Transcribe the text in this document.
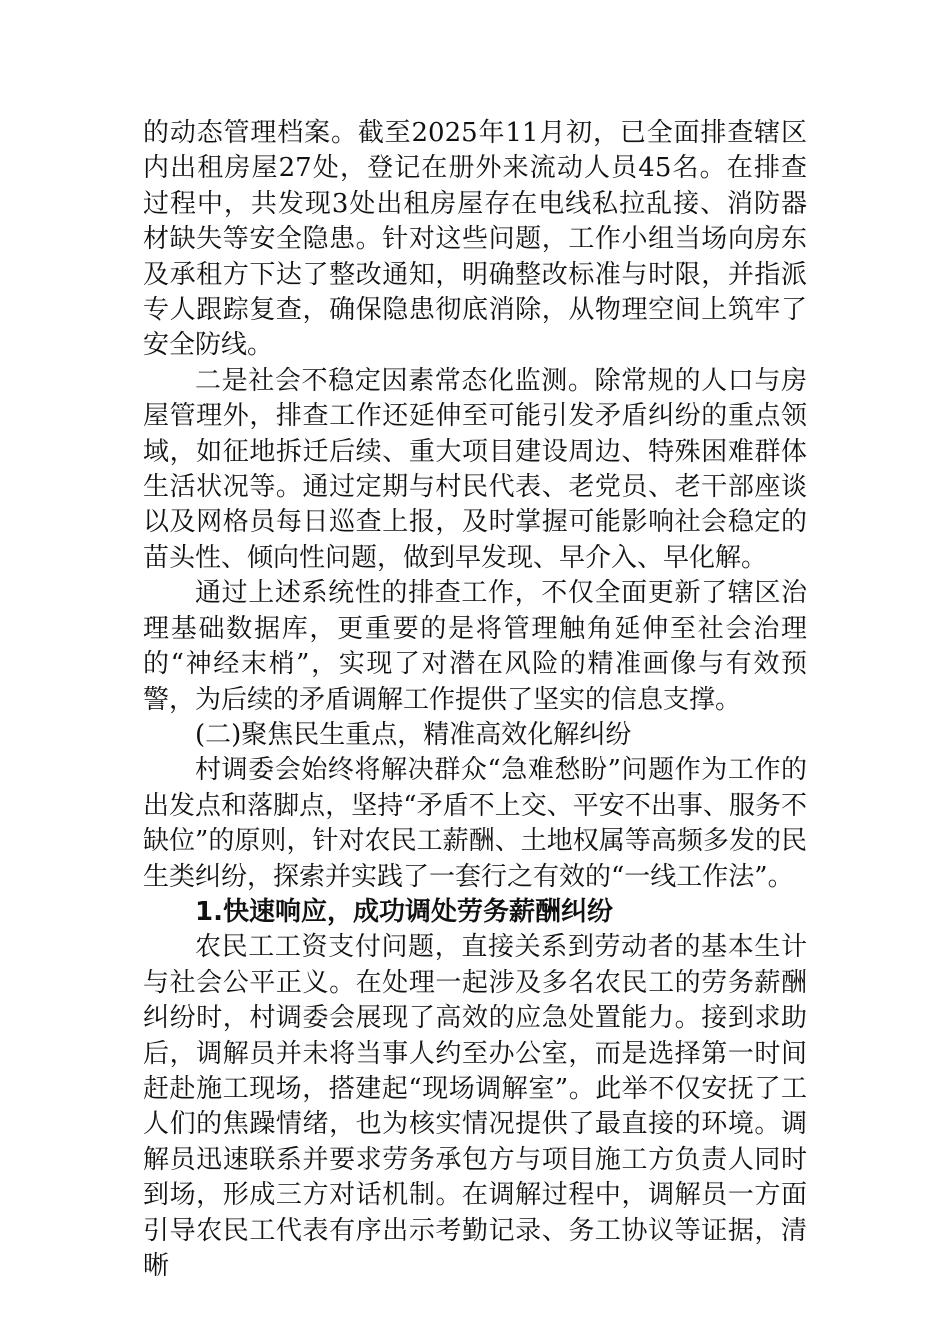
的动态管理档案。截至2025年11月初，已全面排查辖区内出租房屋27处，登记在册外来流动人员45名。在排查过程中，共发现3处出租房屋存在电线私拉乱接、消防器材缺失等安全隐患。针对这些问题，工作小组当场向房东及承租方下达了整改通知，明确整改标准与时限，并指派专人跟踪复查，确保隐患彻底消除，从物理空间上筑牢了安全防线。

二是社会不稳定因素常态化监测。除常规的人口与房屋管理外，排查工作还延伸至可能引发矛盾纠纷的重点领域，如征地拆迁后续、重大项目建设周边、特殊困难群体生活状况等。通过定期与村民代表、老党员、老干部座谈以及网格员每日巡查上报，及时掌握可能影响社会稳定的苗头性、倾向性问题，做到早发现、早介入、早化解。

通过上述系统性的排查工作，不仅全面更新了辖区治理基础数据库，更重要的是将管理触角延伸至社会治理的“神经末梢”，实现了对潜在风险的精准画像与有效预警，为后续的矛盾调解工作提供了坚实的信息支撑。

(二)聚焦民生重点，精准高效化解纠纷

村调委会始终将解决群众“急难愁盼”问题作为工作的出发点和落脚点，坚持“矛盾不上交、平安不出事、服务不缺位”的原则，针对农民工薪酬、土地权属等高频多发的民生类纠纷，探索并实践了一套行之有效的“一线工作法”。

1.快速响应，成功调处劳务薪酬纠纷

农民工工资支付问题，直接关系到劳动者的基本生计与社会公平正义。在处理一起涉及多名农民工的劳务薪酬纠纷时，村调委会展现了高效的应急处置能力。接到求助后，调解员并未将当事人约至办公室，而是选择第一时间赶赴施工现场，搭建起“现场调解室”。此举不仅安抚了工人们的焦躁情绪，也为核实情况提供了最直接的环境。调解员迅速联系并要求劳务承包方与项目施工方负责人同时到场，形成三方对话机制。在调解过程中，调解员一方面引导农民工代表有序出示考勤记录、务工协议等证据，清晰
